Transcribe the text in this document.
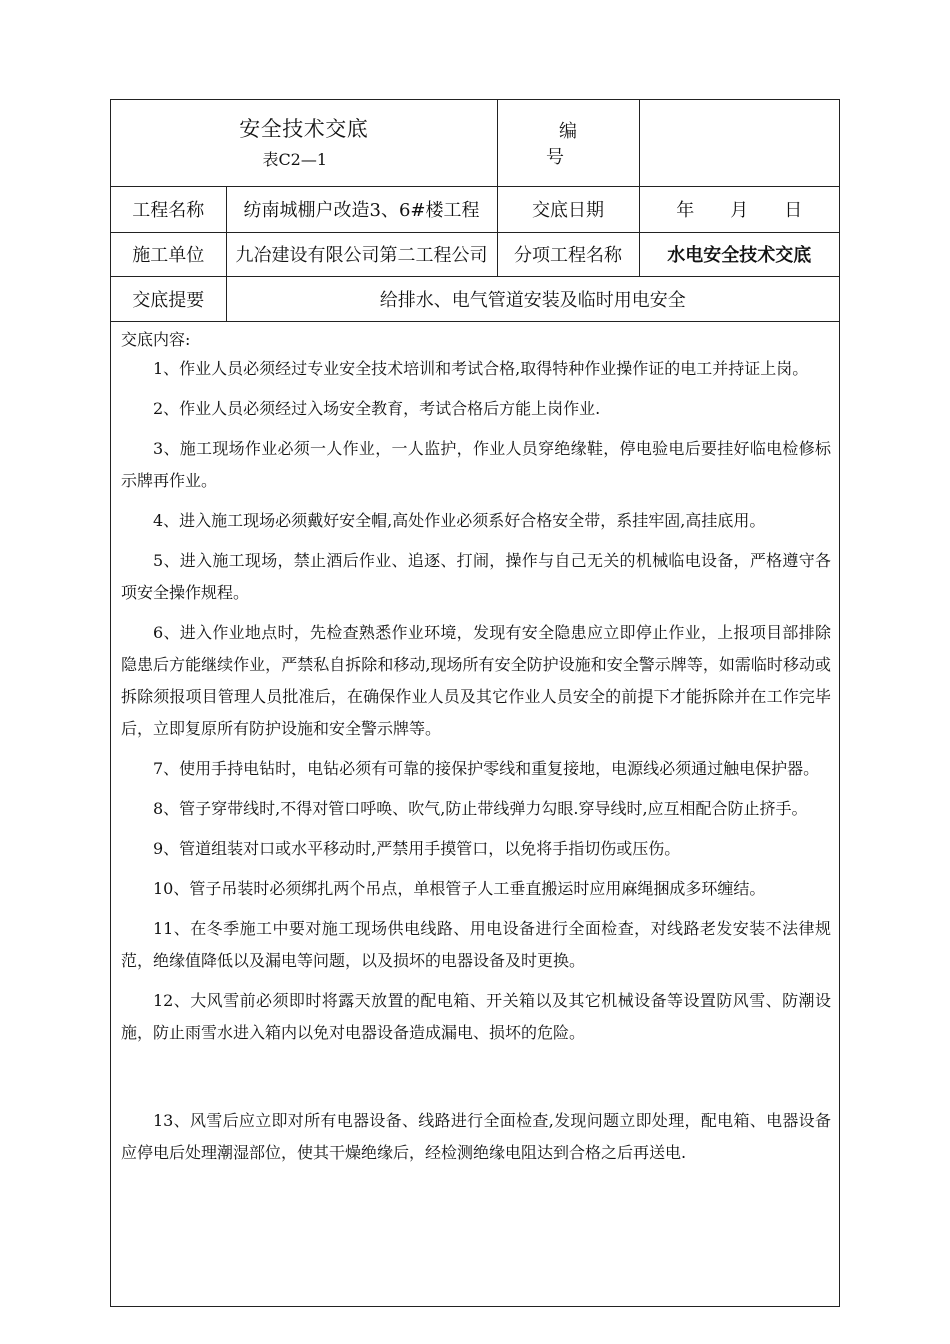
安全技术交底
表C2—1		编 号	
工程名称	纺南城棚户改造3、6#楼工程	交底日期	年 月 日
施工单位	九冶建设有限公司第二工程公司	分项工程名称	水电安全技术交底
交底提要	给排水、电气管道安装及临时用电安全		
交底内容:

1、作业人员必须经过专业安全技术培训和考试合格,取得特种作业操作证的电工并持证上岗。

2、作业人员必须经过入场安全教育，考试合格后方能上岗作业.

3、施工现场作业必须一人作业，一人监护，作业人员穿绝缘鞋，停电验电后要挂好临电检修标示牌再作业。

4、进入施工现场必须戴好安全帽,高处作业必须系好合格安全带，系挂牢固,高挂底用。

5、进入施工现场，禁止酒后作业、追逐、打闹，操作与自己无关的机械临电设备，严格遵守各项安全操作规程。

6、进入作业地点时，先检查熟悉作业环境，发现有安全隐患应立即停止作业，上报项目部排除隐患后方能继续作业，严禁私自拆除和移动,现场所有安全防护设施和安全警示牌等，如需临时移动或拆除须报项目管理人员批准后，在确保作业人员及其它作业人员安全的前提下才能拆除并在工作完毕后，立即复原所有防护设施和安全警示牌等。

7、使用手持电钻时，电钻必须有可靠的接保护零线和重复接地，电源线必须通过触电保护器。

8、管子穿带线时,不得对管口呼唤、吹气,防止带线弹力勾眼.穿导线时,应互相配合防止挤手。

9、管道组装对口或水平移动时,严禁用手摸管口，以免将手指切伤或压伤。

10、管子吊装时必须绑扎两个吊点，单根管子人工垂直搬运时应用麻绳捆成多环缠结。

11、在冬季施工中要对施工现场供电线路、用电设备进行全面检查，对线路老发安装不法律规范，绝缘值降低以及漏电等问题，以及损坏的电器设备及时更换。

12、大风雪前必须即时将露天放置的配电箱、开关箱以及其它机械设备等设置防风雪、防潮设施，防止雨雪水进入箱内以免对电器设备造成漏电、损坏的危险。

13、风雪后应立即对所有电器设备、线路进行全面检查,发现问题立即处理，配电箱、电器设备应停电后处理潮湿部位，使其干燥绝缘后，经检测绝缘电阻达到合格之后再送电.
